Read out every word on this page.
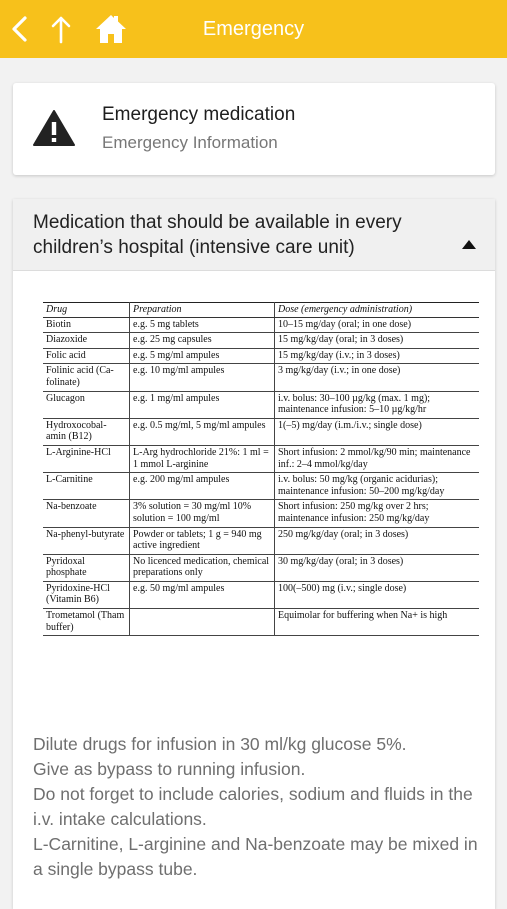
Emergency
Emergency medication
Emergency Information
Medication that should be available in every children’s hospital (intensive care unit)
Drug	Preparation	Dose (emergency administration)
Biotin	e.g. 5 mg tablets	10–15 mg/day (oral; in one dose)
Diazoxide	e.g. 25 mg capsules	15 mg/kg/day (oral; in 3 doses)
Folic acid	e.g. 5 mg/ml ampules	15 mg/kg/day (i.v.; in 3 doses)
Folinic acid (Ca-folinate)	e.g. 10 mg/ml ampules	3 mg/kg/day (i.v.; in one dose)
Glucagon	e.g. 1 mg/ml ampules	i.v. bolus: 30–100 µg/kg (max. 1 mg); maintenance infusion: 5–10 µg/kg/hr
Hydroxocobal-amin (B12)	e.g. 0.5 mg/ml, 5 mg/ml ampules	1(–5) mg/day (i.m./i.v.; single dose)
L-Arginine-HCl	L-Arg hydrochloride 21%: 1 ml = 1 mmol L-arginine	Short infusion: 2 mmol/kg/90 min; maintenance inf.: 2–4 mmol/kg/day
L-Carnitine	e.g. 200 mg/ml ampules	i.v. bolus: 50 mg/kg (organic acidurias); maintenance infusion: 50–200 mg/kg/day
Na-benzoate	3% solution = 30 mg/ml 10% solution = 100 mg/ml	Short infusion: 250 mg/kg over 2 hrs; maintenance infusion: 250 mg/kg/day
Na-phenyl-butyrate	Powder or tablets; 1 g = 940 mg active ingredient	250 mg/kg/day (oral; in 3 doses)
Pyridoxal phosphate	No licenced medication, chemical preparations only	30 mg/kg/day (oral; in 3 doses)
Pyridoxine-HCl (Vitamin B6)	e.g. 50 mg/ml ampules	100(–500) mg (i.v.; single dose)
Trometamol (Tham buffer)		Equimolar for buffering when Na+ is high

Dilute drugs for infusion in 30 ml/kg glucose 5%.

Give as bypass to running infusion.

Do not forget to include calories, sodium and fluids in the i.v. intake calculations.

L-Carnitine, L-arginine and Na-benzoate may be mixed in a single bypass tube.
